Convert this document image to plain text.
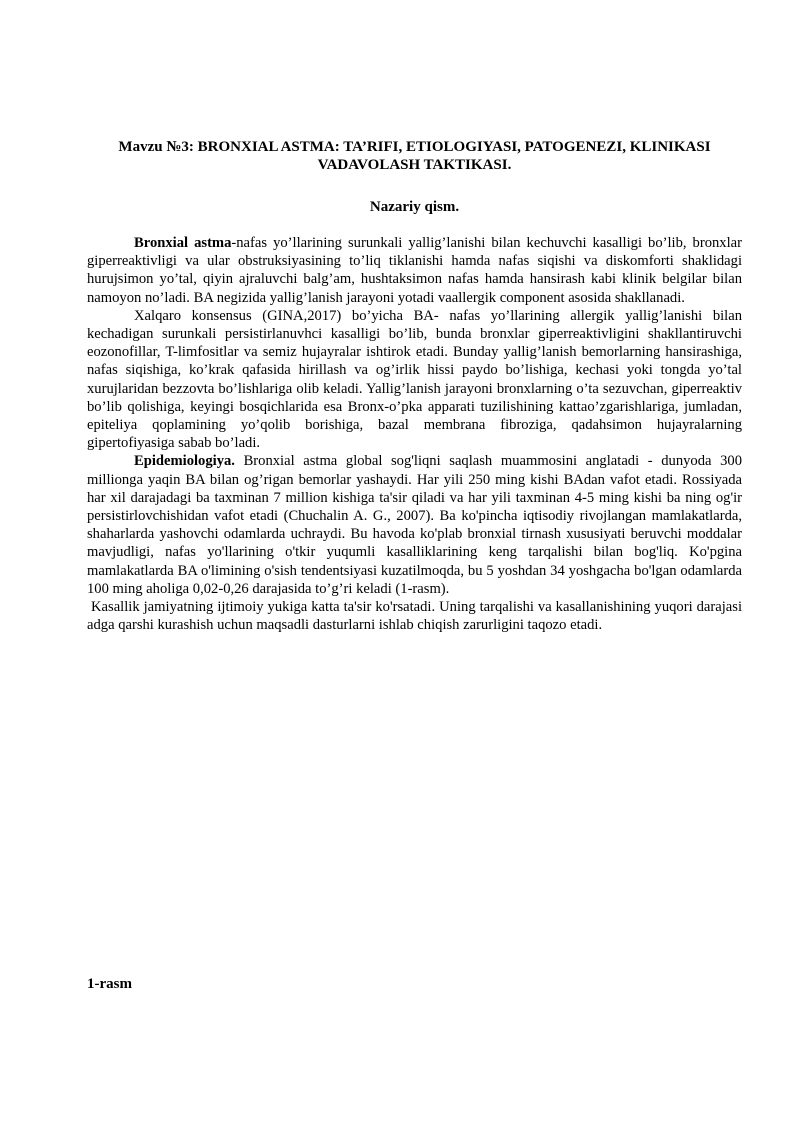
Mavzu №3: BRONXIAL ASTMA: TA’RIFI, ETIOLOGIYASI, PATOGENEZI, KLINIKASI VADAVOLASH TAKTIKASI.
Nazariy qism.

Bronxial astma-nafas yo’llarining surunkali yallig’lanishi bilan kechuvchi kasalligi bo’lib, bronxlar giperreaktivligi va ular obstruksiyasining to’liq tiklanishi hamda nafas siqishi va diskomforti shaklidagi hurujsimon yo’tal, qiyin ajraluvchi balg’am, hushtaksimon nafas hamda hansirash kabi klinik belgilar bilan namoyon no’ladi. BA negizida yallig’lanish jarayoni yotadi vaallergik component asosida shakllanadi.

Xalqaro konsensus (GINA,2017) bo’yicha BA- nafas yo’llarining allergik yallig’lanishi bilan kechadigan surunkali persistirlanuvhci kasalligi bo’lib, bunda bronxlar giperreaktivligini shakllantiruvchi eozonofillar, T-limfositlar va semiz hujayralar ishtirok etadi. Bunday yallig’lanish bemorlarning hansirashiga, nafas siqishiga, ko’krak qafasida hirillash va og’irlik hissi paydo bo’lishiga, kechasi yoki tongda yo’tal xurujlaridan bezzovta bo’lishlariga olib keladi. Yallig’lanish jarayoni bronxlarning o’ta sezuvchan, giperreaktiv bo’lib qolishiga, keyingi bosqichlarida esa Bronx-o’pka apparati tuzilishining kattao’zgarishlariga, jumladan, epiteliya qoplamining yo’qolib borishiga, bazal membrana fibroziga, qadahsimon hujayralarning gipertofiyasiga sabab bo’ladi.

Epidemiologiya. Bronxial astma global sog'liqni saqlash muammosini anglatadi - dunyoda 300 millionga yaqin BA bilan og’rigan bemorlar yashaydi. Har yili 250 ming kishi BAdan vafot etadi. Rossiyada har xil darajadagi ba taxminan 7 million kishiga ta'sir qiladi va har yili taxminan 4-5 ming kishi ba ning og'ir persistirlovchishidan vafot etadi (Chuchalin A. G., 2007). Ba ko'pincha iqtisodiy rivojlangan mamlakatlarda, shaharlarda yashovchi odamlarda uchraydi. Bu havoda ko'plab bronxial tirnash xususiyati beruvchi moddalar mavjudligi, nafas yo'llarining o'tkir yuqumli kasalliklarining keng tarqalishi bilan bog'liq. Ko'pgina mamlakatlarda BA o'limining o'sish tendentsiyasi kuzatilmoqda, bu 5 yoshdan 34 yoshgacha bo'lgan odamlarda 100 ming aholiga 0,02-0,26 darajasida to’g’ri keladi (1-rasm).

Kasallik jamiyatning ijtimoiy yukiga katta ta'sir ko'rsatadi. Uning tarqalishi va kasallanishining yuqori darajasi adga qarshi kurashish uchun maqsadli dasturlarni ishlab chiqish zarurligini taqozo etadi.

1-rasm
